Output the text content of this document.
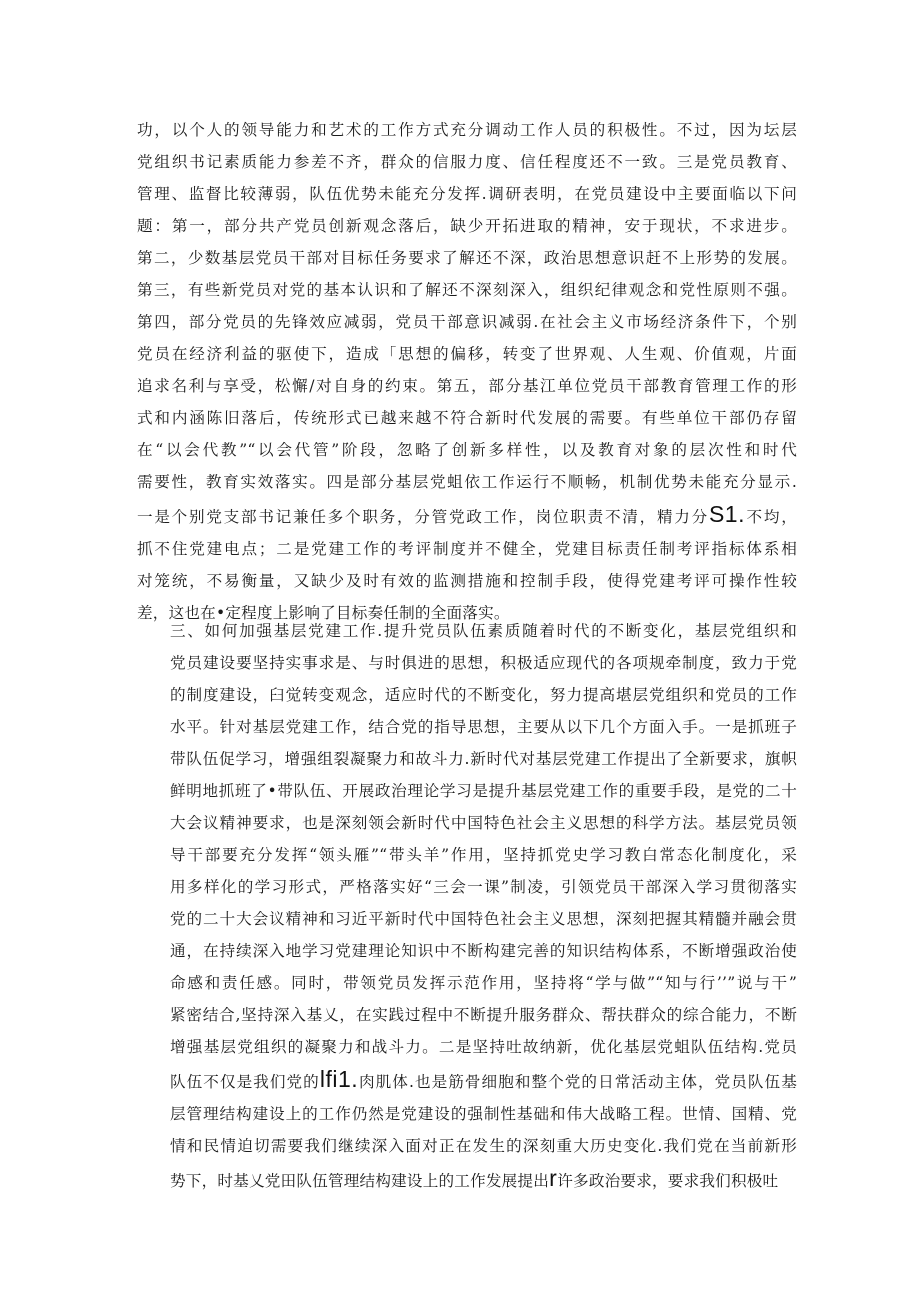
功，以个人的领导能力和艺术的工作方式充分调动工作人员的积极性。不过，因为坛层
党组织书记素质能力参差不齐，群众的信服力度、信任程度还不一致。三是党员教育、
管理、监督比较薄弱，队伍优势未能充分发挥.调研表明，在党员建设中主要面临以下问
题：第一，部分共产党员创新观念落后，缺少开拓进取的精神，安于现状，不求进步。
第二，少数基层党员干部对目标任务要求了解还不深，政治思想意识赶不上形势的发展。
第三，有些新党员对党的基本认识和了解还不深刻深入，组织纪律观念和党性原则不强。
第四，部分党员的先锋效应减弱，党员干部意识减弱.在社会主义市场经济条件下，个别
党员在经济利益的驱使下，造成「思想的偏移，转变了世界观、人生观、价值观，片面
追求名利与享受，松懈/对自身的约束。第五，部分基江单位党员干部教育管理工作的形
式和内涵陈旧落后，传统形式已越来越不符合新时代发展的需要。有些单位干部仍存留
在“以会代教”“以会代管”阶段，忽略了创新多样性，以及教育对象的层次性和时代
需要性，教育实效落实。四是部分基层党蛆依工作运行不顺畅，机制优势未能充分显示.
一是个别党支部书记兼任多个职务，分管党政工作，岗位职责不清，精力分S1.不均，
抓不住党建电点；二是党建工作的考评制度并不健全，党建目标责任制考评指标体系相
对笼统，不易衡量，又缺少及时有效的监测措施和控制手段，使得党建考评可操作性较
差，这也在•定程度上影响了目标奏任制的全面落实。
三、如何加强基层党建工作.提升党员队伍素质随着时代的不断变化，基层党组织和
党员建设要坚持实事求是、与时俱进的思想，积极适应现代的各项规牵制度，致力于党
的制度建设，臼觉转变观念，适应时代的不断变化，努力提高堪层党组织和党员的工作
水平。针对基层党建工作，结合党的指导思想，主要从以下几个方面入手。一是抓班子
带队伍促学习，增强组裂凝聚力和故斗力.新时代对基层党建工作提出了全新要求，旗帜
鲜明地抓班了•带队伍、开展政治理论学习是提升基层党建工作的重要手段，是党的二十
大会议精神要求，也是深刻领会新时代中国特色社会主义思想的科学方法。基层党员领
导干部要充分发挥“领头雁”“带头羊”作用，坚持抓党史学习教白常态化制度化，采
用多样化的学习形式，严格落实好“三会一课”制凌，引领党员干部深入学习贯彻落实
党的二十大会议精神和习近平新时代中国特色社会主义思想，深刻把握其精髓并融会贯
通，在持续深入地学习党建理论知识中不断构建完善的知识结构体系，不断增强政治使
命感和责任感。同时，带领党员发挥示范作用，坚持将“学与做”“知与行’’”说与干”
紧密结合,坚持深入基乂，在实践过程中不断提升服务群众、帮扶群众的综合能力，不断
增强基层党组织的凝聚力和战斗力。二是坚持吐故纳新，优化基层党蛆队伍结构.党员
队伍不仅是我们党的lfi1.肉肌体.也是筋骨细胞和整个党的日常活动主体，党员队伍基
层管理结构建设上的工作仍然是党建设的强制性基础和伟大战略工程。世情、国精、党
情和民情迫切需要我们继续深入面对正在发生的深刻重大历史变化.我们党在当前新形
势下，时基乂党田队伍管理结构建设上的工作发展提出r许多政治要求，要求我们积极吐
